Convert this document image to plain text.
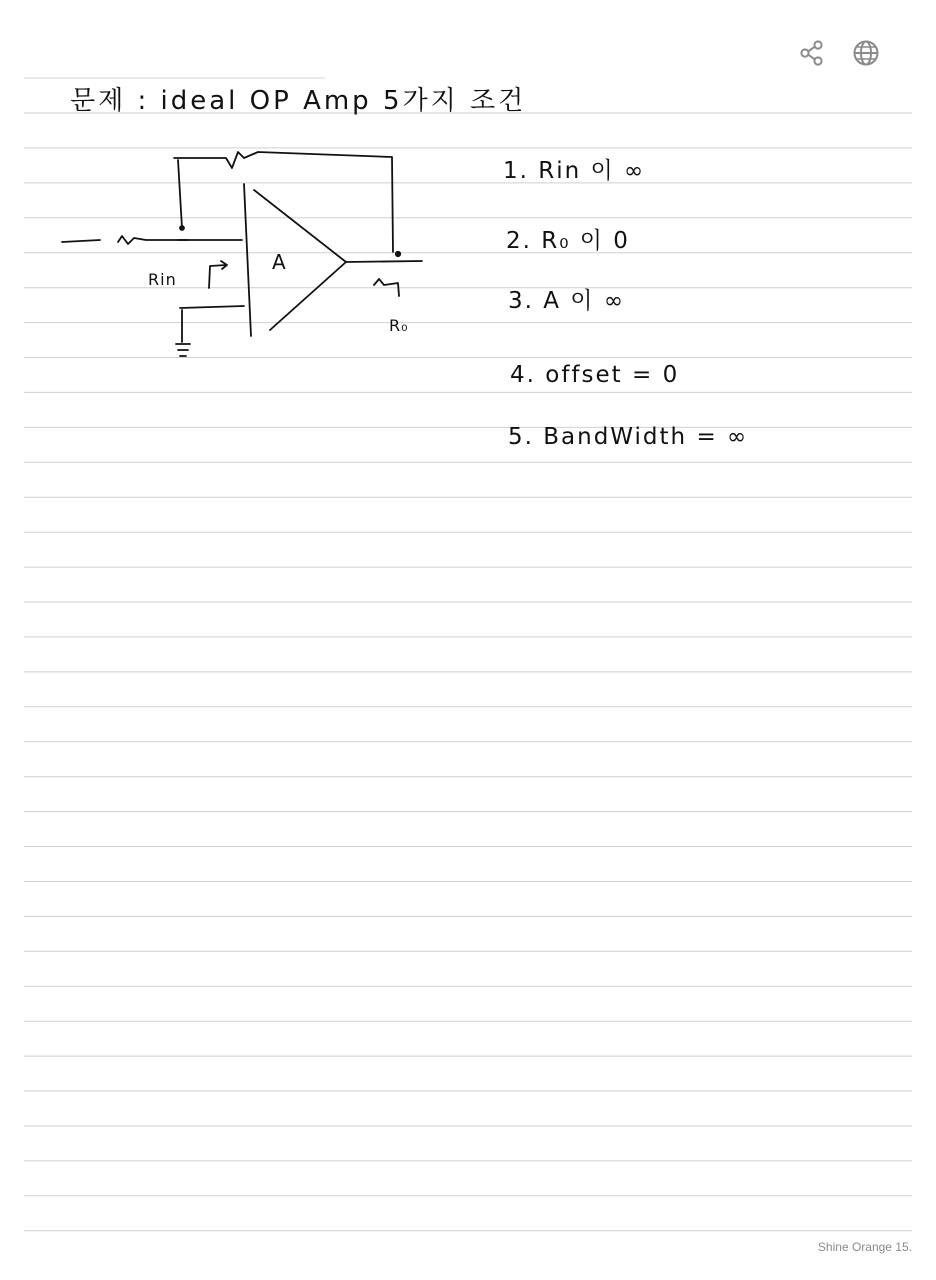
문제 : ideal OP Amp 5가지 조건
A
Rin
R₀
1. Rin 이 ∞
2. R₀ 이 0
3. A 이 ∞
4. offset = 0
5. BandWidth = ∞
Shine Orange 15.
